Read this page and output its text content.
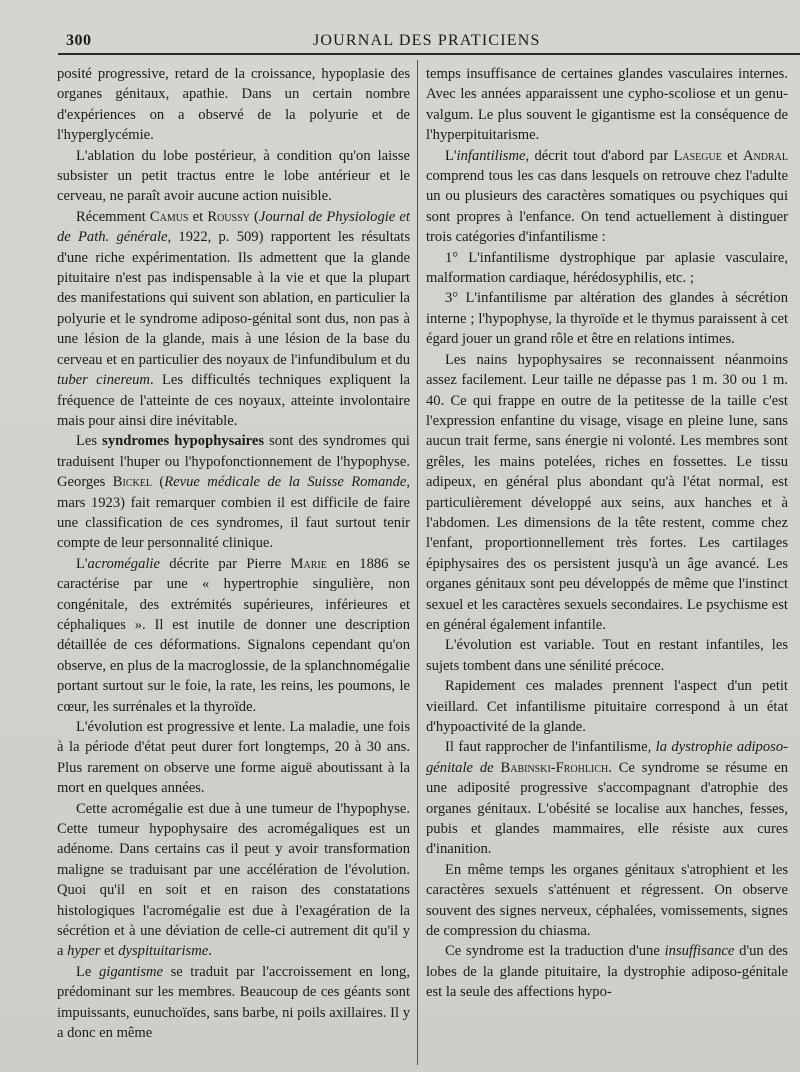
300	JOURNAL DES PRATICIENS

posité progressive, retard de la croissance, hypoplasie des organes génitaux, apathie. Dans un certain nombre d'expériences on a observé de la polyurie et de l'hyperglycémie.

L'ablation du lobe postérieur, à condition qu'on laisse subsister un petit tractus entre le lobe antérieur et le cerveau, ne paraît avoir aucune action nuisible.

Récemment Camus et Roussy (Journal de Physiologie et de Path. générale, 1922, p. 509) rapportent les résultats d'une riche expérimentation. Ils admettent que la glande pituitaire n'est pas indispensable à la vie et que la plupart des manifestations qui suivent son ablation, en particulier la polyurie et le syndrome adiposo-génital sont dus, non pas à une lésion de la glande, mais à une lésion de la base du cerveau et en particulier des noyaux de l'infundibulum et du tuber cinereum. Les difficultés techniques expliquent la fréquence de l'atteinte de ces noyaux, atteinte involontaire mais pour ainsi dire inévitable.

Les syndromes hypophysaires sont des syndromes qui traduisent l'huper ou l'hypofonctionnement de l'hypophyse. Georges Bickel (Revue médicale de la Suisse Romande, mars 1923) fait remarquer combien il est difficile de faire une classification de ces syndromes, il faut surtout tenir compte de leur personnalité clinique.

L'acromégalie décrite par Pierre Marie en 1886 se caractérise par une « hypertrophie singulière, non congénitale, des extrémités supérieures, inférieures et céphaliques ». Il est inutile de donner une description détaillée de ces déformations. Signalons cependant qu'on observe, en plus de la macroglossie, de la splanchnomégalie portant surtout sur le foie, la rate, les reins, les poumons, le cœur, les surrénales et la thyroïde.

L'évolution est progressive et lente. La maladie, une fois à la période d'état peut durer fort longtemps, 20 à 30 ans. Plus rarement on observe une forme aiguë aboutissant à la mort en quelques années.

Cette acromégalie est due à une tumeur de l'hypophyse. Cette tumeur hypophysaire des acromégaliques est un adénome. Dans certains cas il peut y avoir transformation maligne se traduisant par une accélération de l'évolution. Quoi qu'il en soit et en raison des constatations histologiques l'acromégalie est due à l'exagération de la sécrétion et à une déviation de celle-ci autrement dit qu'il y a hyper et dyspituitarisme.

Le gigantisme se traduit par l'accroissement en long, prédominant sur les membres. Beaucoup de ces géants sont impuissants, eunuchoïdes, sans barbe, ni poils axillaires. Il y a donc en même

temps insuffisance de certaines glandes vasculaires internes. Avec les années apparaissent une cypho-scoliose et un genu-valgum. Le plus souvent le gigantisme est la conséquence de l'hyperpituitarisme.

L'infantilisme, décrit tout d'abord par Lasegue et Andral comprend tous les cas dans lesquels on retrouve chez l'adulte un ou plusieurs des caractères somatiques ou psychiques qui sont propres à l'enfance. On tend actuellement à distinguer trois catégories d'infantilisme :

1° L'infantilisme dystrophique par aplasie vasculaire, malformation cardiaque, hérédosyphilis, etc. ;

3° L'infantilisme par altération des glandes à sécrétion interne ; l'hypophyse, la thyroïde et le thymus paraissent à cet égard jouer un grand rôle et être en relations intimes.

Les nains hypophysaires se reconnaissent néanmoins assez facilement. Leur taille ne dépasse pas 1 m. 30 ou 1 m. 40. Ce qui frappe en outre de la petitesse de la taille c'est l'expression enfantine du visage, visage en pleine lune, sans aucun trait ferme, sans énergie ni volonté. Les membres sont grêles, les mains potelées, riches en fossettes. Le tissu adipeux, en général plus abondant qu'à l'état normal, est particulièrement développé aux seins, aux hanches et à l'abdomen. Les dimensions de la tête restent, comme chez l'enfant, proportionnellement très fortes. Les cartilages épiphysaires des os persistent jusqu'à un âge avancé. Les organes génitaux sont peu développés de même que l'instinct sexuel et les caractères sexuels secondaires. Le psychisme est en général également infantile.

L'évolution est variable. Tout en restant infantiles, les sujets tombent dans une sénilité précoce.

Rapidement ces malades prennent l'aspect d'un petit vieillard. Cet infantilisme pituitaire correspond à un état d'hypoactivité de la glande.

Il faut rapprocher de l'infantilisme, la dystrophie adiposo-génitale de Babinski-Frohlich. Ce syndrome se résume en une adiposité progressive s'accompagnant d'atrophie des organes génitaux. L'obésité se localise aux hanches, fesses, pubis et glandes mammaires, elle résiste aux cures d'inanition.

En même temps les organes génitaux s'atrophient et les caractères sexuels s'atténuent et régressent. On observe souvent des signes nerveux, céphalées, vomissements, signes de compression du chiasma.

Ce syndrome est la traduction d'une insuffisance d'un des lobes de la glande pituitaire, la dystrophie adiposo-génitale est la seule des affections hypo-
